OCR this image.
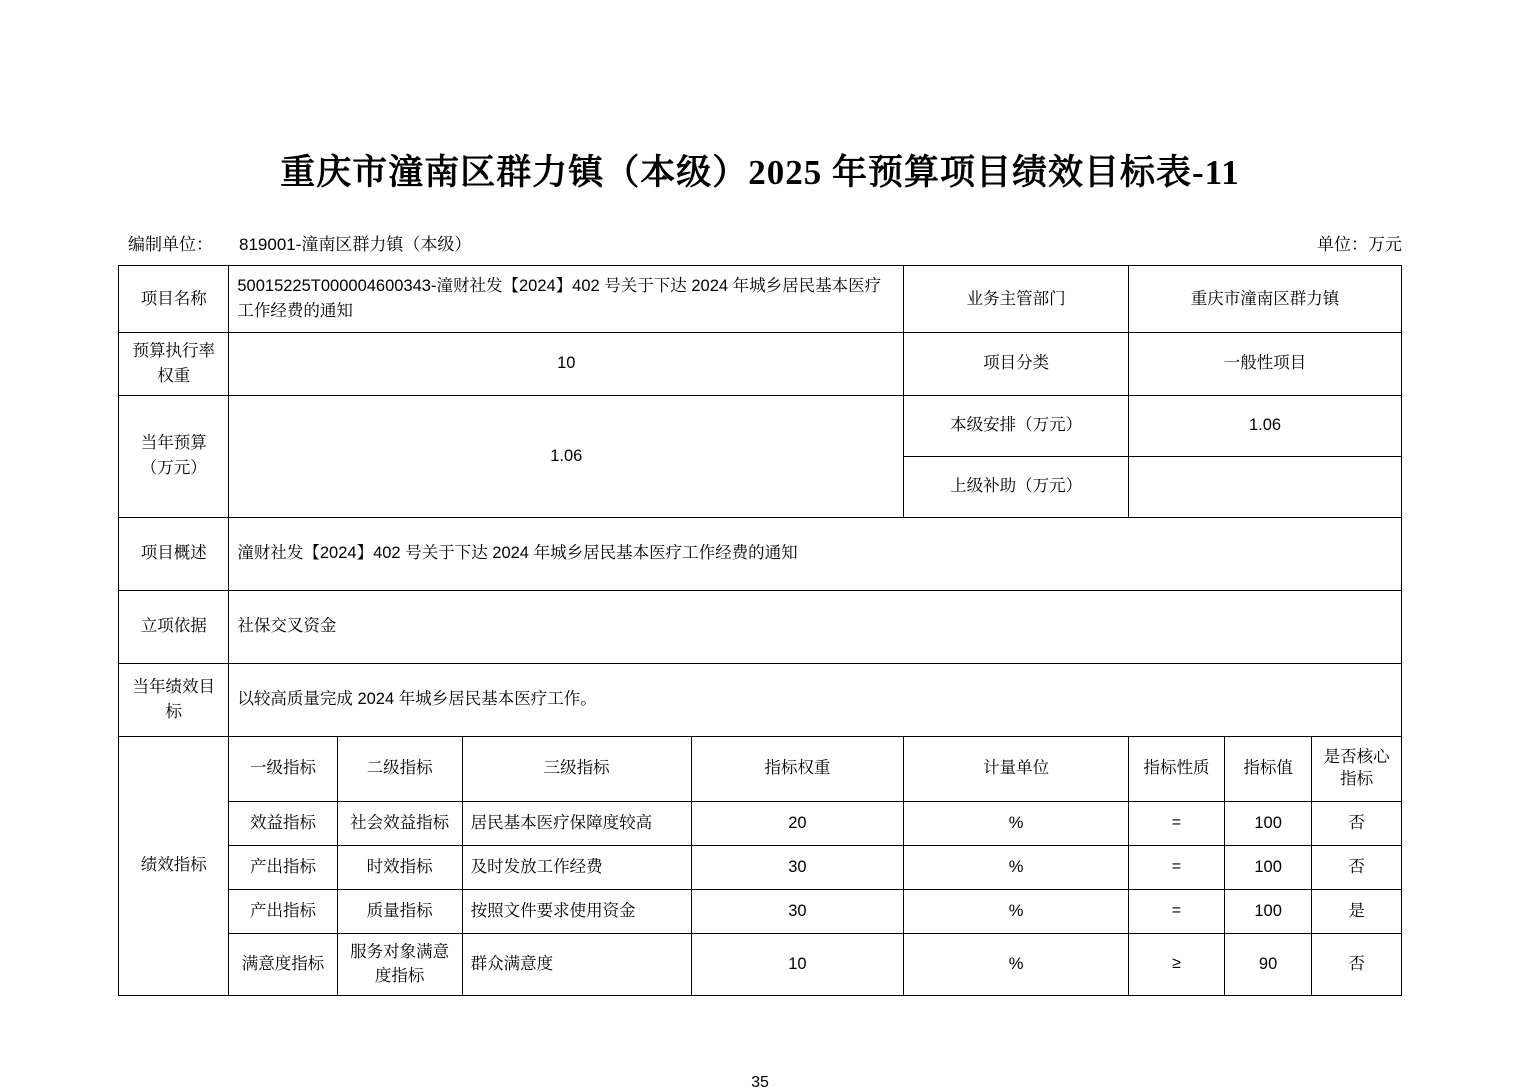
重庆市潼南区群力镇（本级）2025 年预算项目绩效目标表-11
编制单位： 819001-潼南区群力镇（本级）	单位：万元
项目名称	50015225T000004600343-潼财社发【2024】402 号关于下达 2024 年城乡居民基本医疗工作经费的通知				业务主管部门	重庆市潼南区群力镇		
预算执行率权重	10				项目分类	一般性项目		
当年预算（万元）	1.06				本级安排（万元）	1.06		
					上级补助（万元）			
项目概述	潼财社发【2024】402 号关于下达 2024 年城乡居民基本医疗工作经费的通知							
立项依据	社保交叉资金							
当年绩效目标	以较高质量完成 2024 年城乡居民基本医疗工作。							
绩效指标	一级指标	二级指标	三级指标	指标权重	计量单位	指标性质	指标值	是否核心指标
	效益指标	社会效益指标	居民基本医疗保障度较高	20	%	=	100	否
	产出指标	时效指标	及时发放工作经费	30	%	=	100	否
	产出指标	质量指标	按照文件要求使用资金	30	%	=	100	是
	满意度指标	服务对象满意度指标	群众满意度	10	%	≥	90	否
35
